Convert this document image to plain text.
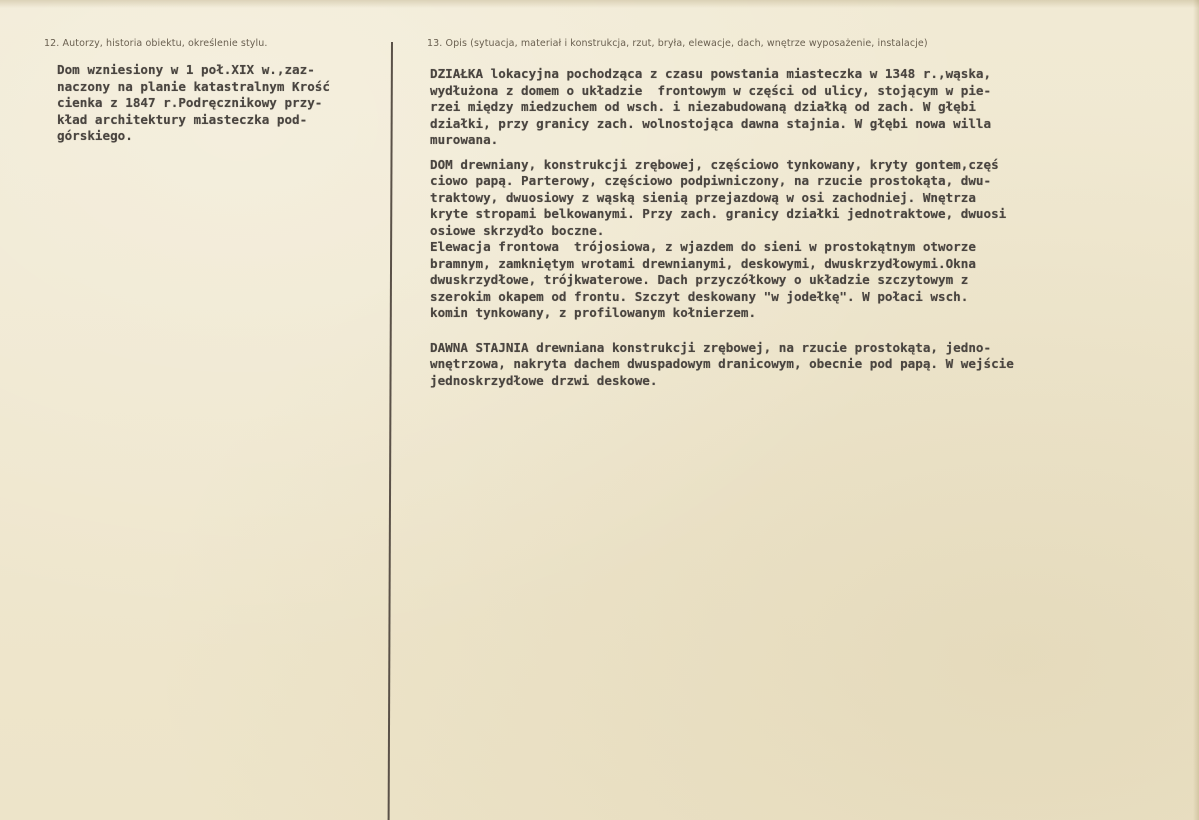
12. Autorzy, historia obiektu, określenie stylu.	13. Opis (sytuacja, materiał i konstrukcja, rzut, bryła, elewacje, dach, wnętrze wyposażenie, instalacje)
Dom wzniesiony w 1 poł.XIX w.,zaz-
naczony na planie katastralnym Krość
cienka z 1847 r.Podręcznikowy przy-
kład architektury miasteczka pod-
górskiego.
DZIAŁKA lokacyjna pochodząca z czasu powstania miasteczka w 1348 r.,wąska,
wydłużona z domem o układzie  frontowym w części od ulicy, stojącym w pie-
rzei między miedzuchem od wsch. i niezabudowaną działką od zach. W głębi
działki, przy granicy zach. wolnostojąca dawna stajnia. W głębi nowa willa
murowana.
DOM drewniany, konstrukcji zrębowej, częściowo tynkowany, kryty gontem,częś
ciowo papą. Parterowy, częściowo podpiwniczony, na rzucie prostokąta, dwu-
traktowy, dwuosiowy z wąską sienią przejazdową w osi zachodniej. Wnętrza
kryte stropami belkowanymi. Przy zach. granicy działki jednotraktowe, dwuosi
osiowe skrzydło boczne.
Elewacja frontowa  trójosiowa, z wjazdem do sieni w prostokątnym otworze
bramnym, zamkniętym wrotami drewnianymi, deskowymi, dwuskrzydłowymi.Okna
dwuskrzydłowe, trójkwaterowe. Dach przyczółkowy o układzie szczytowym z
szerokim okapem od frontu. Szczyt deskowany "w jodełkę". W połaci wsch.
komin tynkowany, z profilowanym kołnierzem.
DAWNA STAJNIA drewniana konstrukcji zrębowej, na rzucie prostokąta, jedno-
wnętrzowa, nakryta dachem dwuspadowym dranicowym, obecnie pod papą. W wejście
jednoskrzydłowe drzwi deskowe.
